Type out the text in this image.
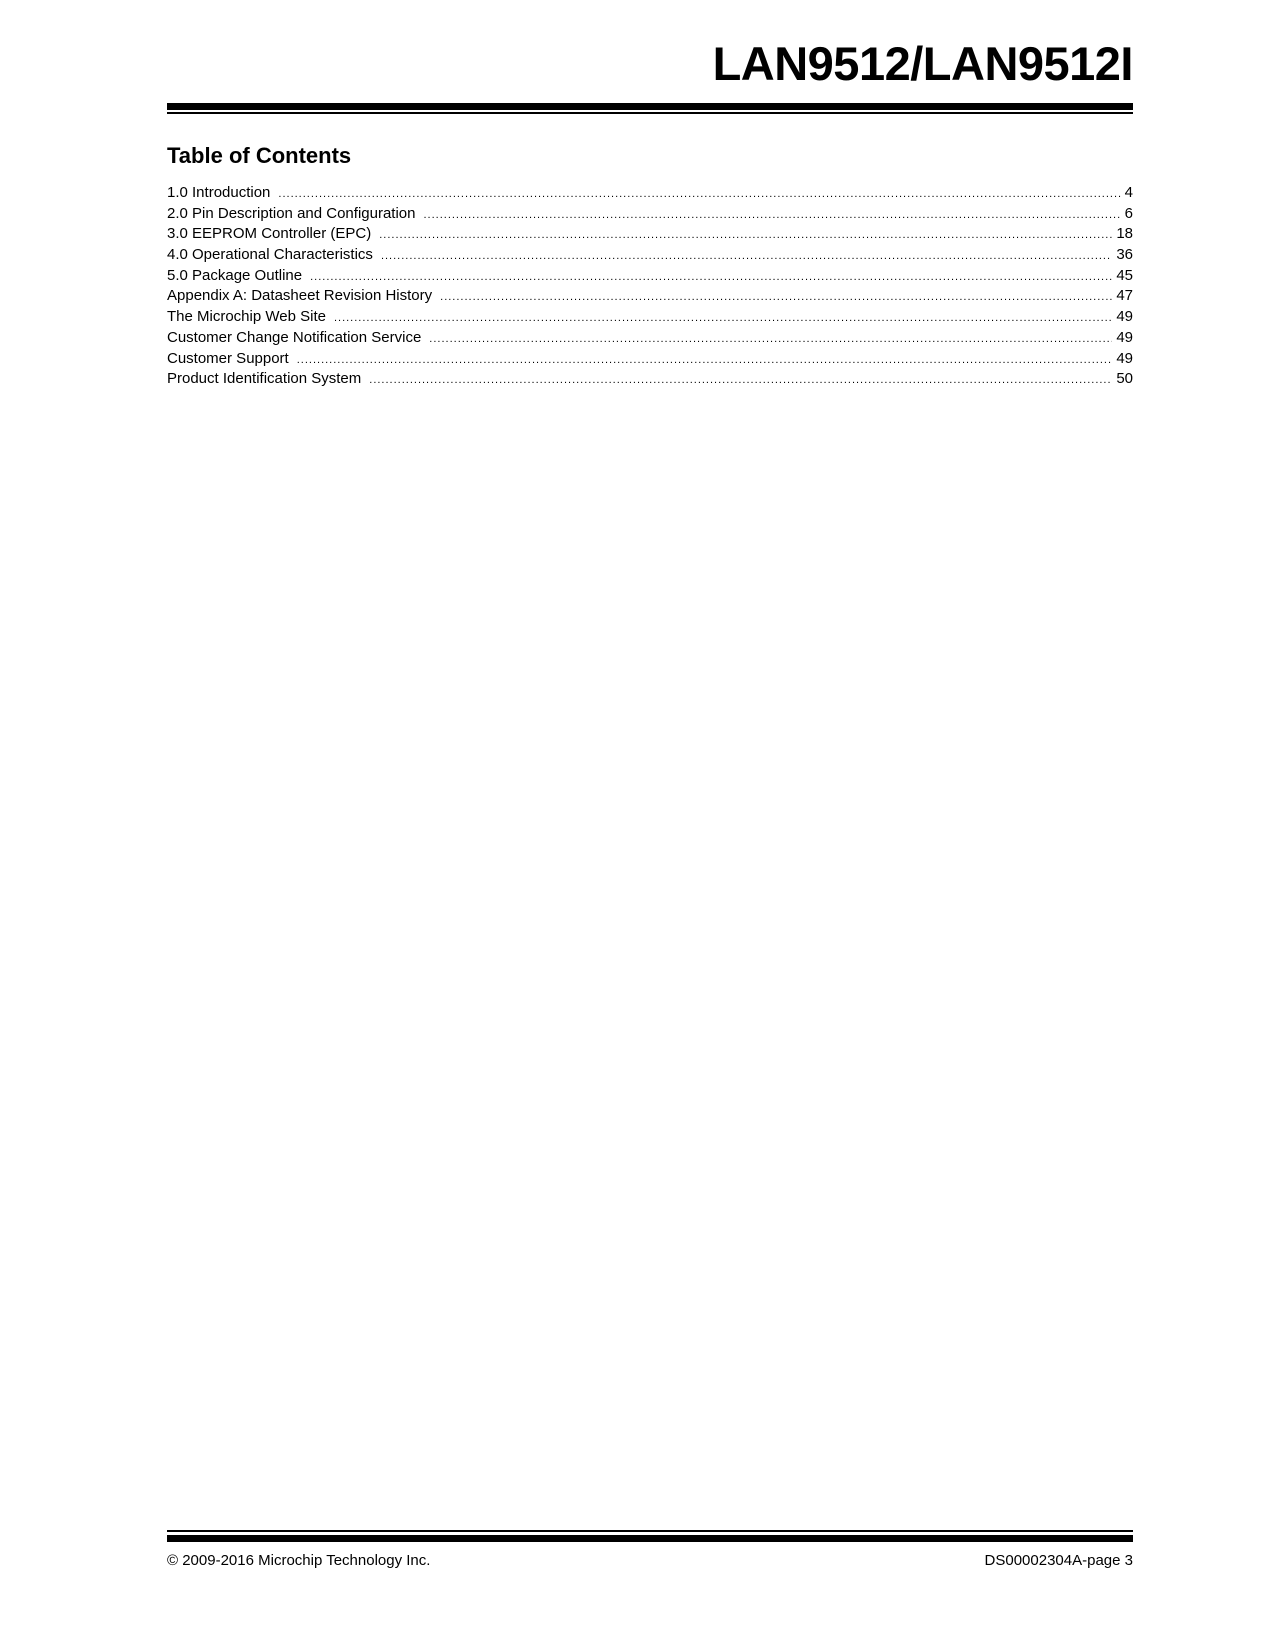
LAN9512/LAN9512I
Table of Contents
1.0 Introduction .....	4
2.0 Pin Description and Configuration .....	6
3.0 EEPROM Controller (EPC) .....	18
4.0 Operational Characteristics .....	36
5.0 Package Outline .....	45
Appendix A: Datasheet Revision History .....	47
The Microchip Web Site .....	49
Customer Change Notification Service .....	49
Customer Support .....	49
Product Identification System .....	50
© 2009-2016 Microchip Technology Inc.	DS00002304A-page 3
